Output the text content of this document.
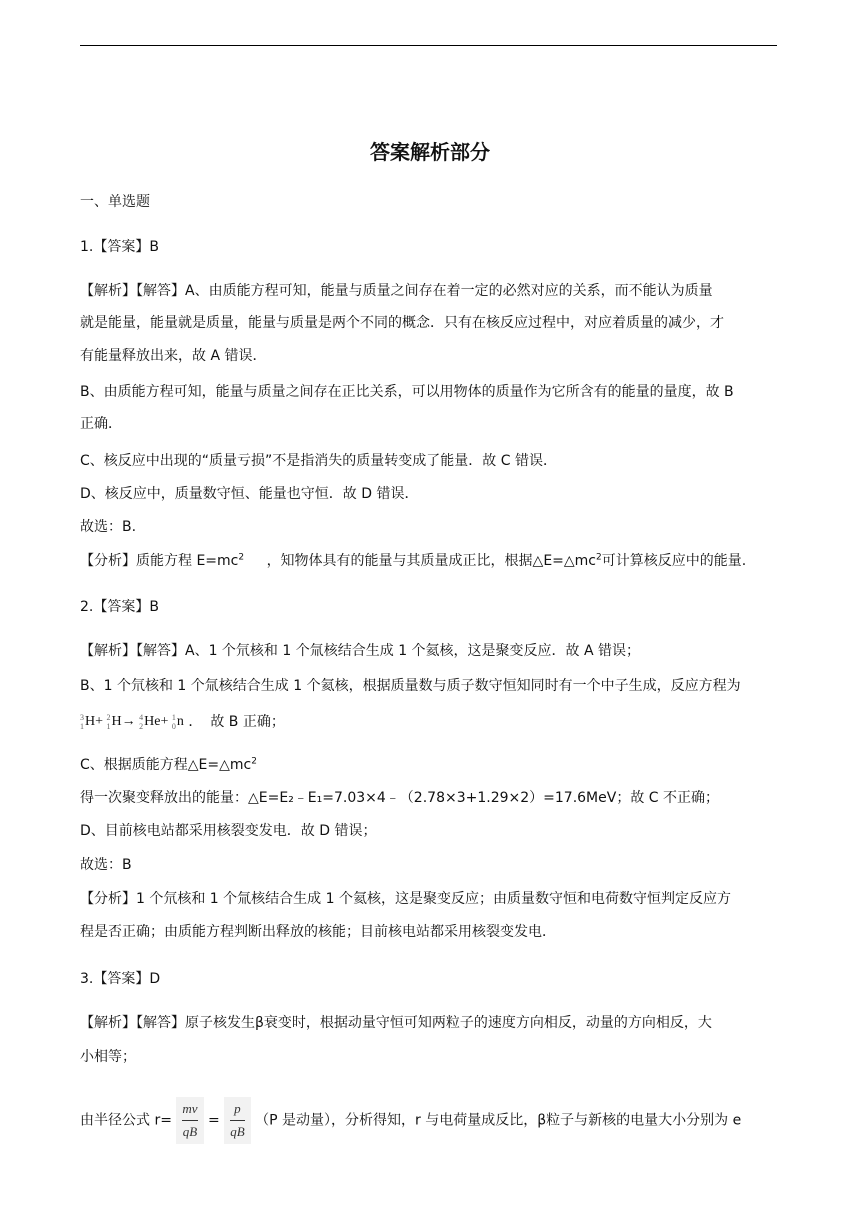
答案解析部分
一、单选题
1.【答案】B
【解析】【解答】A、由质能方程可知，能量与质量之间存在着一定的必然对应的关系，而不能认为质量
就是能量，能量就是质量，能量与质量是两个不同的概念．只有在核反应过程中，对应着质量的减少，才
有能量释放出来，故 A 错误．
B、由质能方程可知，能量与质量之间存在正比关系，可以用物体的质量作为它所含有的能量的量度，故 B
正确．
C、核反应中出现的“质量亏损”不是指消失的质量转变成了能量．故 C 错误．
D、核反应中，质量数守恒、能量也守恒．故 D 错误．
故选：B.
【分析】质能方程 $E=mc^2$ ，知物体具有的能量与其质量成正比，根据$\triangle E=\triangle mc^2$可计算核反应中的能量.
2.【答案】B
【解析】【解答】A、1 个氘核和 1 个氚核结合生成 1 个氦核，这是聚变反应．故 A 错误；
B、1 个氘核和 1 个氚核结合生成 1 个氦核，根据质量数与质子数守恒知同时有一个中子生成，反应方程为
3
1 H+ 2
1 H→ 4
2 He+ 1
0 n ． 故 B 正确；
C、根据质能方程$\triangle E=\triangle mc^2$
得一次聚变释放出的能量：△E=E₂﹣E₁=7.03×4﹣（2.78×3+1.29×2）=17.6MeV；故 C 不正确；
D、目前核电站都采用核裂变发电．故 D 错误；
故选：B
【分析】1 个氘核和 1 个氚核结合生成 1 个氦核，这是聚变反应；由质量数守恒和电荷数守恒判定反应方
程是否正确；由质能方程判断出释放的核能；目前核电站都采用核裂变发电．
3.【答案】D
【解析】【解答】原子核发生β衰变时，根据动量守恒可知两粒子的速度方向相反，动量的方向相反，大
小相等；
由半径公式 $r= \frac{mv}{qB} = \frac{p}{qB} (P$ 是动量），分析得知，r 与电荷量成反比，β粒子与新核的电量大小分别为 e
